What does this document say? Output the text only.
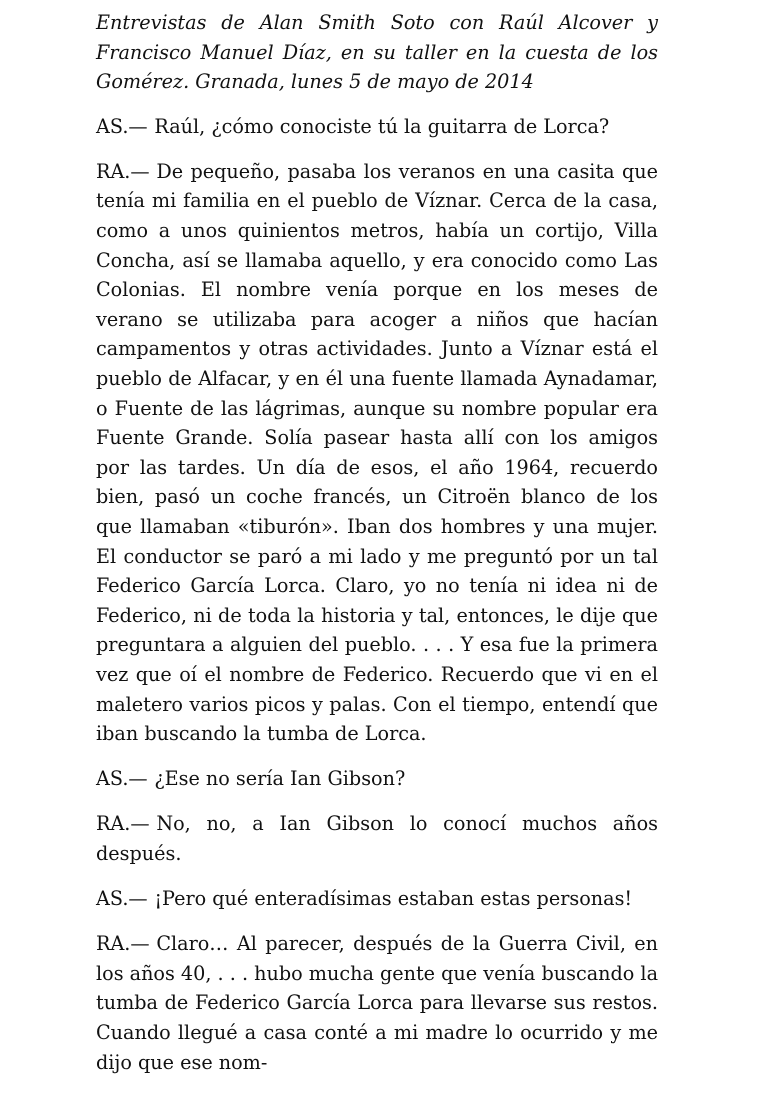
Entrevistas de Alan Smith Soto con Raúl Alcover y Francisco Manuel Díaz, en su taller en la cuesta de los Gomérez. Granada, lunes 5 de mayo de 2014

AS.— Raúl, ¿cómo conociste tú la guitarra de Lorca?

RA.— De pequeño, pasaba los veranos en una casita que tenía mi familia en el pueblo de Víznar. Cerca de la casa, como a unos quinientos metros, había un cortijo, Villa Concha, así se llamaba aquello, y era conocido como Las Colonias. El nombre venía porque en los meses de verano se utilizaba para acoger a niños que hacían campamentos y otras actividades. Junto a Víznar está el pueblo de Alfacar, y en él una fuente llamada Aynadamar, o Fuente de las lágrimas, aunque su nombre popular era Fuente Grande. Solía pasear hasta allí con los amigos por las tardes. Un día de esos, el año 1964, recuerdo bien, pasó un coche francés, un Citroën blanco de los que llamaban «tiburón». Iban dos hombres y una mujer. El conductor se paró a mi lado y me preguntó por un tal Federico García Lorca. Claro, yo no tenía ni idea ni de Federico, ni de toda la historia y tal, entonces, le dije que preguntara a alguien del pueblo. . . . Y esa fue la primera vez que oí el nombre de Federico. Recuerdo que vi en el maletero varios picos y palas. Con el tiempo, entendí que iban buscando la tumba de Lorca.

AS.— ¿Ese no sería Ian Gibson?

RA.— No, no, a Ian Gibson lo conocí muchos años después.

AS.— ¡Pero qué enteradísimas estaban estas personas!

RA.— Claro… Al parecer, después de la Guerra Civil, en los años 40, . . . hubo mucha gente que venía buscando la tumba de Federico García Lorca para llevarse sus restos. Cuando llegué a casa conté a mi madre lo ocurrido y me dijo que ese nom-
